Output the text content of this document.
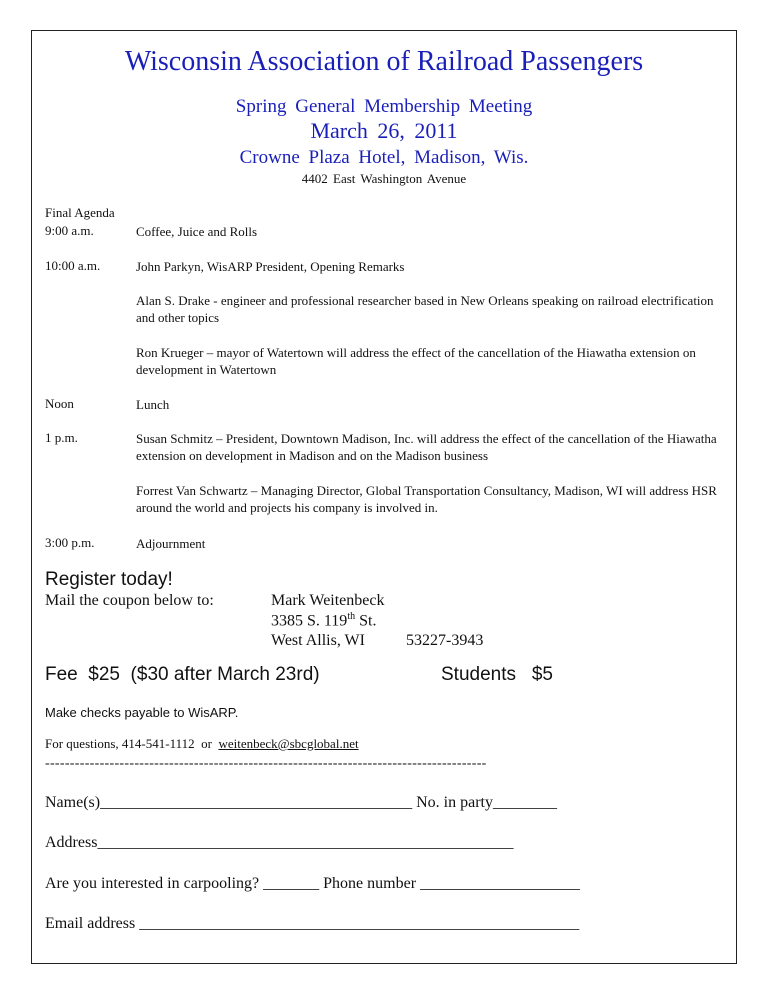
Wisconsin Association of Railroad Passengers
Spring General Membership Meeting
March 26, 2011
Crowne Plaza Hotel, Madison, Wis.
4402 East Washington Avenue
Final Agenda
9:00 a.m.	Coffee, Juice and Rolls
10:00 a.m.	John Parkyn, WisARP President, Opening Remarks
Alan S. Drake - engineer and professional researcher based in New Orleans speaking on railroad electrification and other topics
Ron Krueger – mayor of Watertown will address the effect of the cancellation of the Hiawatha extension on development in Watertown
Noon	Lunch
1 p.m.	Susan Schmitz – President, Downtown Madison, Inc. will address the effect of the cancellation of the Hiawatha extension on development in Madison and on the Madison business
Forrest Van Schwartz – Managing Director, Global Transportation Consultancy, Madison, WI will address HSR around the world and projects his company is involved in.
3:00 p.m.	Adjournment
Register today!
Mail the coupon below to:	Mark Weitenbeck
3385 S. 119th St.
West Allis, WI	53227-3943
Fee  $25  ($30 after March 23rd)	Students   $5
Make checks payable to WisARP.
For questions, 414-541-1112  or weitenbeck@sbcglobal.net
-----------------------------------------------------------------------------------------
Name(s)_______________________________________ No. in party________
Address____________________________________________________
Are you interested in carpooling? _______ Phone number ____________________
Email address _______________________________________________________
